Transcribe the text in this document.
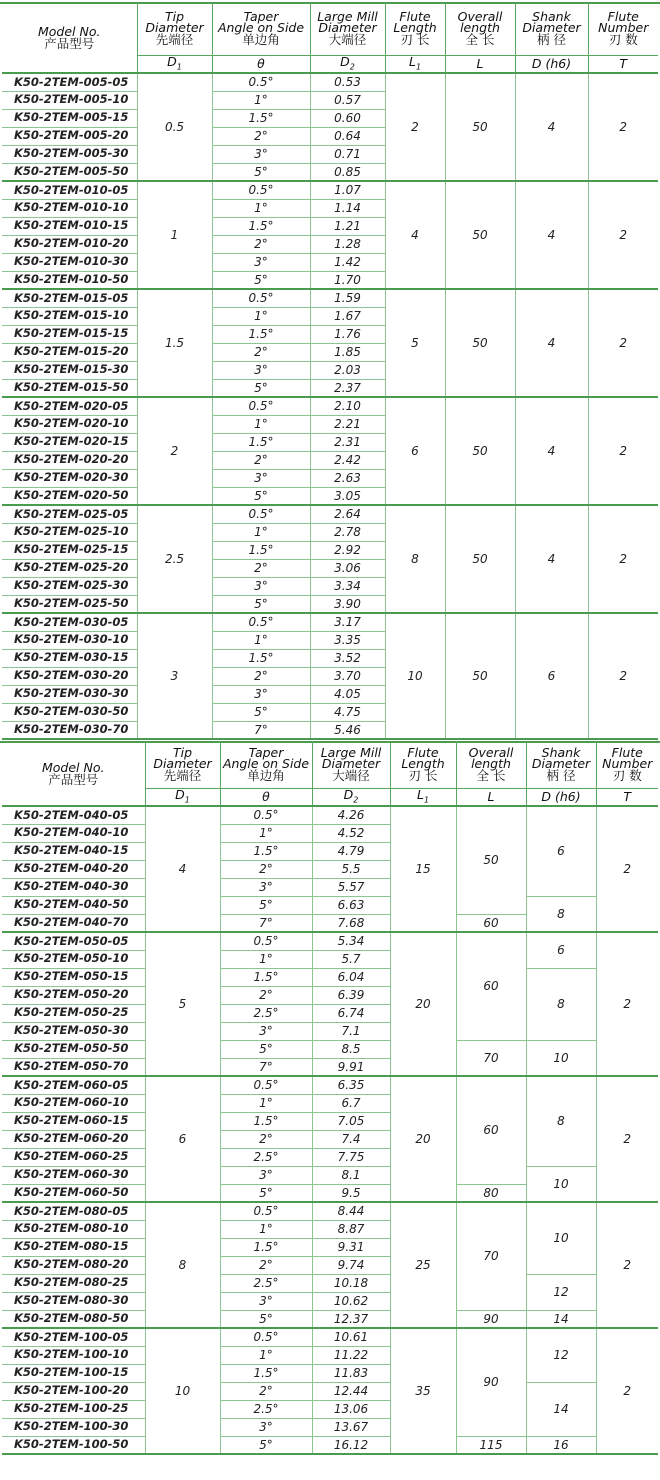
Model No.
产品型号	Tip
Diameter
先端径	Taper
Angle on Side
单边角	Large Mill
Diameter
大端径	Flute
Length
刃 长	Overall
length
全 长	Shank
Diameter
柄 径	Flute
Number
刃 数

	$D_1$	θ	$D_2$	$L_1$	L	D (h6)	T
K50-2TEM-005-05	0.5	0.5°	0.53	2	50	4	2
K50-2TEM-005-10		1°	0.57				
K50-2TEM-005-15		1.5°	0.60				
K50-2TEM-005-20		2°	0.64				
K50-2TEM-005-30		3°	0.71				
K50-2TEM-005-50		5°	0.85				
K50-2TEM-010-05	1	0.5°	1.07	4	50	4	2
K50-2TEM-010-10		1°	1.14				
K50-2TEM-010-15		1.5°	1.21				
K50-2TEM-010-20		2°	1.28				
K50-2TEM-010-30		3°	1.42				
K50-2TEM-010-50		5°	1.70				
K50-2TEM-015-05	1.5	0.5°	1.59	5	50	4	2
K50-2TEM-015-10		1°	1.67				
K50-2TEM-015-15		1.5°	1.76				
K50-2TEM-015-20		2°	1.85				
K50-2TEM-015-30		3°	2.03				
K50-2TEM-015-50		5°	2.37				
K50-2TEM-020-05	2	0.5°	2.10	6	50	4	2
K50-2TEM-020-10		1°	2.21				
K50-2TEM-020-15		1.5°	2.31				
K50-2TEM-020-20		2°	2.42				
K50-2TEM-020-30		3°	2.63				
K50-2TEM-020-50		5°	3.05				
K50-2TEM-025-05	2.5	0.5°	2.64	8	50	4	2
K50-2TEM-025-10		1°	2.78				
K50-2TEM-025-15		1.5°	2.92				
K50-2TEM-025-20		2°	3.06				
K50-2TEM-025-30		3°	3.34				
K50-2TEM-025-50		5°	3.90				
K50-2TEM-030-05	3	0.5°	3.17	10	50	6	2
K50-2TEM-030-10		1°	3.35				
K50-2TEM-030-15		1.5°	3.52				
K50-2TEM-030-20		2°	3.70				
K50-2TEM-030-30		3°	4.05				
K50-2TEM-030-50		5°	4.75				
K50-2TEM-030-70		7°	5.46				
Model No.
产品型号	Tip
Diameter
先端径	Taper
Angle on Side
单边角	Large Mill
Diameter
大端径	Flute
Length
刃 长	Overall
length
全 长	Shank
Diameter
柄 径	Flute
Number
刃 数

	$D_1$	θ	$D_2$	$L_1$	L	D (h6)	T
K50-2TEM-040-05	4	0.5°	4.26	15	50	6	2
K50-2TEM-040-10		1°	4.52				
K50-2TEM-040-15		1.5°	4.79				
K50-2TEM-040-20		2°	5.5				
K50-2TEM-040-30		3°	5.57				
K50-2TEM-040-50		5°	6.63			8	
K50-2TEM-040-70		7°	7.68		60		
K50-2TEM-050-05	5	0.5°	5.34	20	60	6	2
K50-2TEM-050-10		1°	5.7				
K50-2TEM-050-15		1.5°	6.04			8	
K50-2TEM-050-20		2°	6.39				
K50-2TEM-050-25		2.5°	6.74				
K50-2TEM-050-30		3°	7.1				
K50-2TEM-050-50		5°	8.5		70	10	
K50-2TEM-050-70		7°	9.91				
K50-2TEM-060-05	6	0.5°	6.35	20	60	8	2
K50-2TEM-060-10		1°	6.7				
K50-2TEM-060-15		1.5°	7.05				
K50-2TEM-060-20		2°	7.4				
K50-2TEM-060-25		2.5°	7.75				
K50-2TEM-060-30		3°	8.1			10	
K50-2TEM-060-50		5°	9.5		80		
K50-2TEM-080-05	8	0.5°	8.44	25	70	10	2
K50-2TEM-080-10		1°	8.87				
K50-2TEM-080-15		1.5°	9.31				
K50-2TEM-080-20		2°	9.74				
K50-2TEM-080-25		2.5°	10.18			12	
K50-2TEM-080-30		3°	10.62				
K50-2TEM-080-50		5°	12.37		90	14	
K50-2TEM-100-05	10	0.5°	10.61	35	90	12	2
K50-2TEM-100-10		1°	11.22				
K50-2TEM-100-15		1.5°	11.83				
K50-2TEM-100-20		2°	12.44			14	
K50-2TEM-100-25		2.5°	13.06				
K50-2TEM-100-30		3°	13.67				
K50-2TEM-100-50		5°	16.12		115	16	
